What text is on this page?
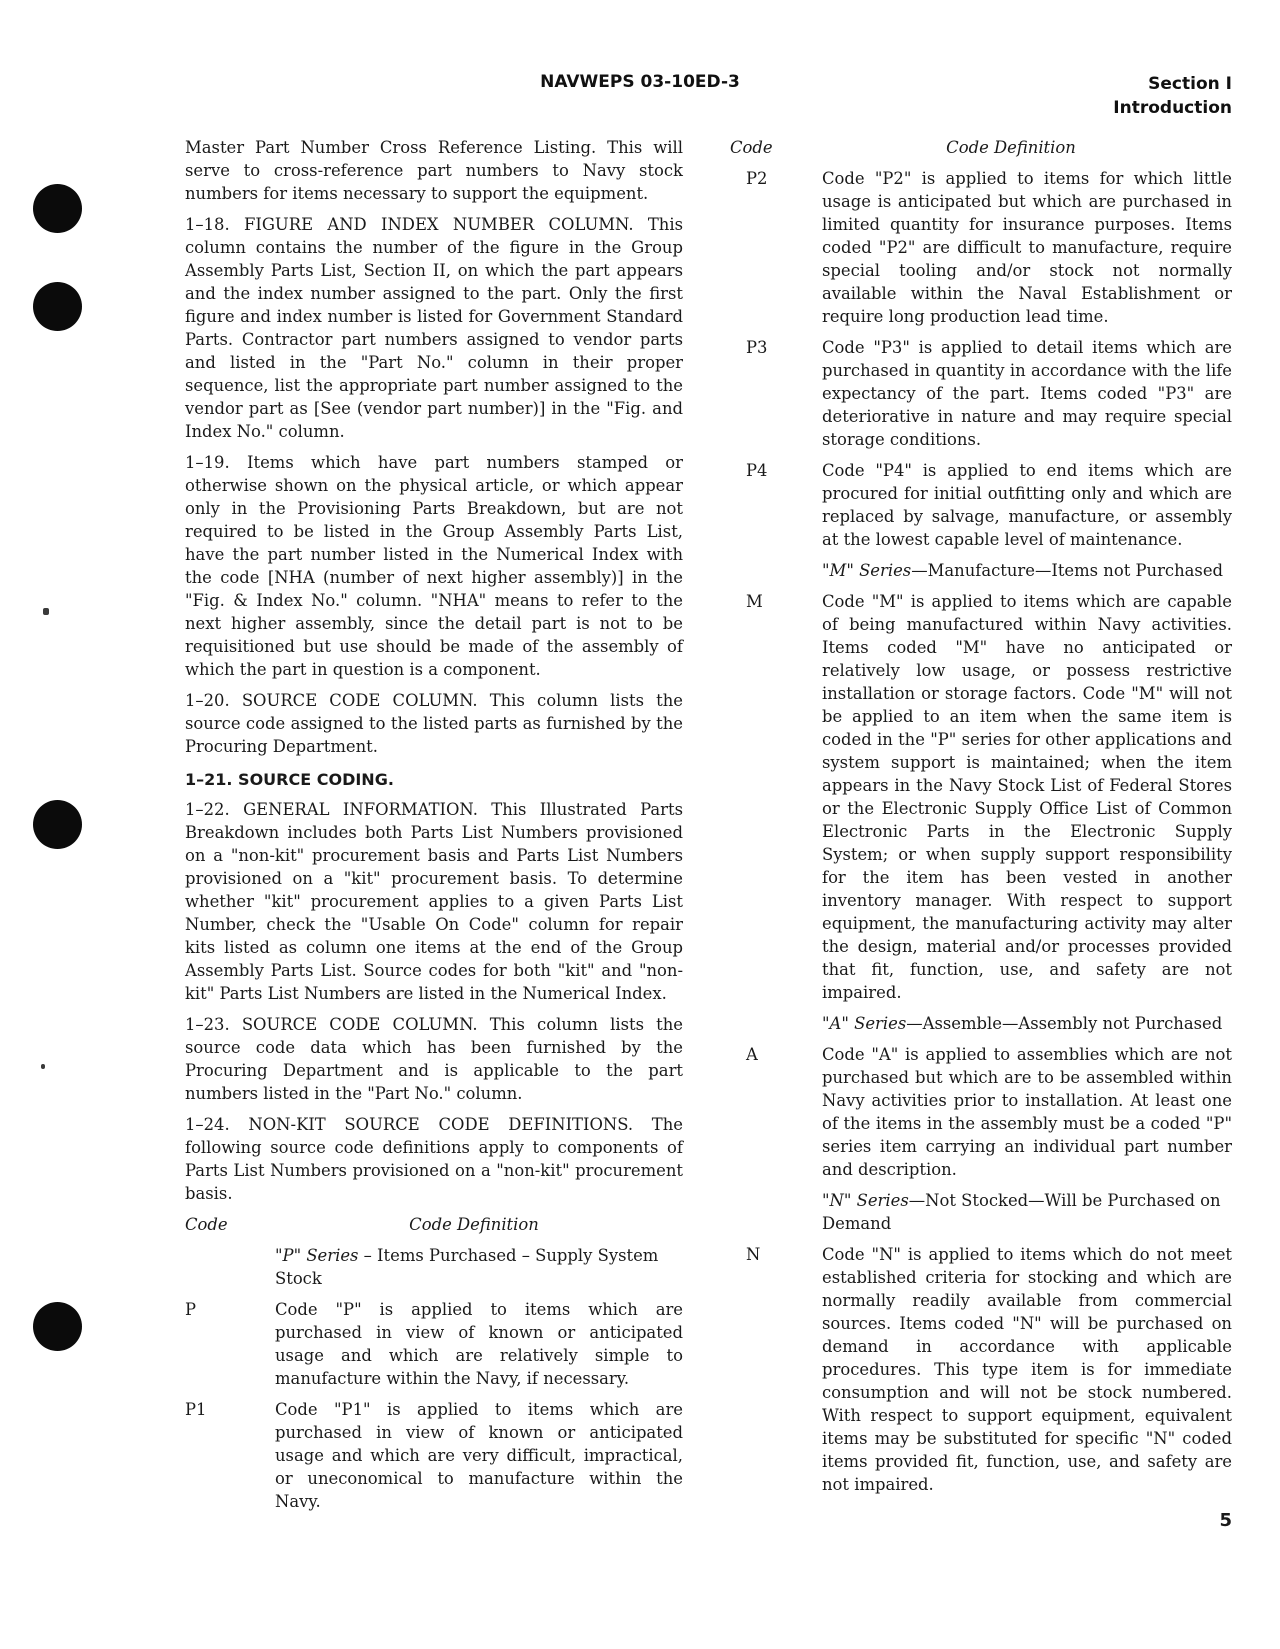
NAVWEPS 03-10ED-3	Section I
Introduction

Master Part Number Cross Reference Listing. This will serve to cross-reference part numbers to Navy stock numbers for items necessary to support the equipment.

1–18. FIGURE AND INDEX NUMBER COLUMN. This column contains the number of the figure in the Group Assembly Parts List, Section II, on which the part appears and the index number assigned to the part. Only the first figure and index number is listed for Government Standard Parts. Contractor part numbers assigned to vendor parts and listed in the "Part No." column in their proper sequence, list the appropriate part number assigned to the vendor part as [See (vendor part number)] in the "Fig. and Index No." column.

1–19. Items which have part numbers stamped or otherwise shown on the physical article, or which appear only in the Provisioning Parts Breakdown, but are not required to be listed in the Group Assembly Parts List, have the part number listed in the Numerical Index with the code [NHA (number of next higher assembly)] in the "Fig. & Index No." column. "NHA" means to refer to the next higher assembly, since the detail part is not to be requisitioned but use should be made of the assembly of which the part in question is a component.

1–20. SOURCE CODE COLUMN. This column lists the source code assigned to the listed parts as furnished by the Procuring Department.

1–21. SOURCE CODING.

1–22. GENERAL INFORMATION. This Illustrated Parts Breakdown includes both Parts List Numbers provisioned on a "non-kit" procurement basis and Parts List Numbers provisioned on a "kit" procurement basis. To determine whether "kit" procurement applies to a given Parts List Number, check the "Usable On Code" column for repair kits listed as column one items at the end of the Group Assembly Parts List. Source codes for both "kit" and "non-kit" Parts List Numbers are listed in the Numerical Index.

1–23. SOURCE CODE COLUMN. This column lists the source code data which has been furnished by the Procuring Department and is applicable to the part numbers listed in the "Part No." column.

1–24. NON-KIT SOURCE CODE DEFINITIONS. The following source code definitions apply to components of Parts List Numbers provisioned on a "non-kit" procurement basis.

Code	Code Definition
"P" Series – Items Purchased – Supply System Stock
P	Code "P" is applied to items which are purchased in view of known or anticipated usage and which are relatively simple to manufacture within the Navy, if necessary.
P1	Code "P1" is applied to items which are purchased in view of known or anticipated usage and which are very difficult, impractical, or uneconomical to manufacture within the Navy.
Code	Code Definition
P2	Code "P2" is applied to items for which little usage is anticipated but which are purchased in limited quantity for insurance purposes. Items coded "P2" are difficult to manufacture, require special tooling and/or stock not normally available within the Naval Establishment or require long production lead time.
P3	Code "P3" is applied to detail items which are purchased in quantity in accordance with the life expectancy of the part. Items coded "P3" are deteriorative in nature and may require special storage conditions.
P4	Code "P4" is applied to end items which are procured for initial outfitting only and which are replaced by salvage, manufacture, or assembly at the lowest capable level of maintenance.
"M" Series—Manufacture—Items not Purchased
M	Code "M" is applied to items which are capable of being manufactured within Navy activities. Items coded "M" have no anticipated or relatively low usage, or possess restrictive installation or storage factors. Code "M" will not be applied to an item when the same item is coded in the "P" series for other applications and system support is maintained; when the item appears in the Navy Stock List of Federal Stores or the Electronic Supply Office List of Common Electronic Parts in the Electronic Supply System; or when supply support responsibility for the item has been vested in another inventory manager. With respect to support equipment, the manufacturing activity may alter the design, material and/or processes provided that fit, function, use, and safety are not impaired.
"A" Series—Assemble—Assembly not Purchased
A	Code "A" is applied to assemblies which are not purchased but which are to be assembled within Navy activities prior to installation. At least one of the items in the assembly must be a coded "P" series item carrying an individual part number and description.
"N" Series—Not Stocked—Will be Purchased on Demand
N	Code "N" is applied to items which do not meet established criteria for stocking and which are normally readily available from commercial sources. Items coded "N" will be purchased on demand in accordance with applicable procedures. This type item is for immediate consumption and will not be stock numbered. With respect to support equipment, equivalent items may be substituted for specific "N" coded items provided fit, function, use, and safety are not impaired.
5
